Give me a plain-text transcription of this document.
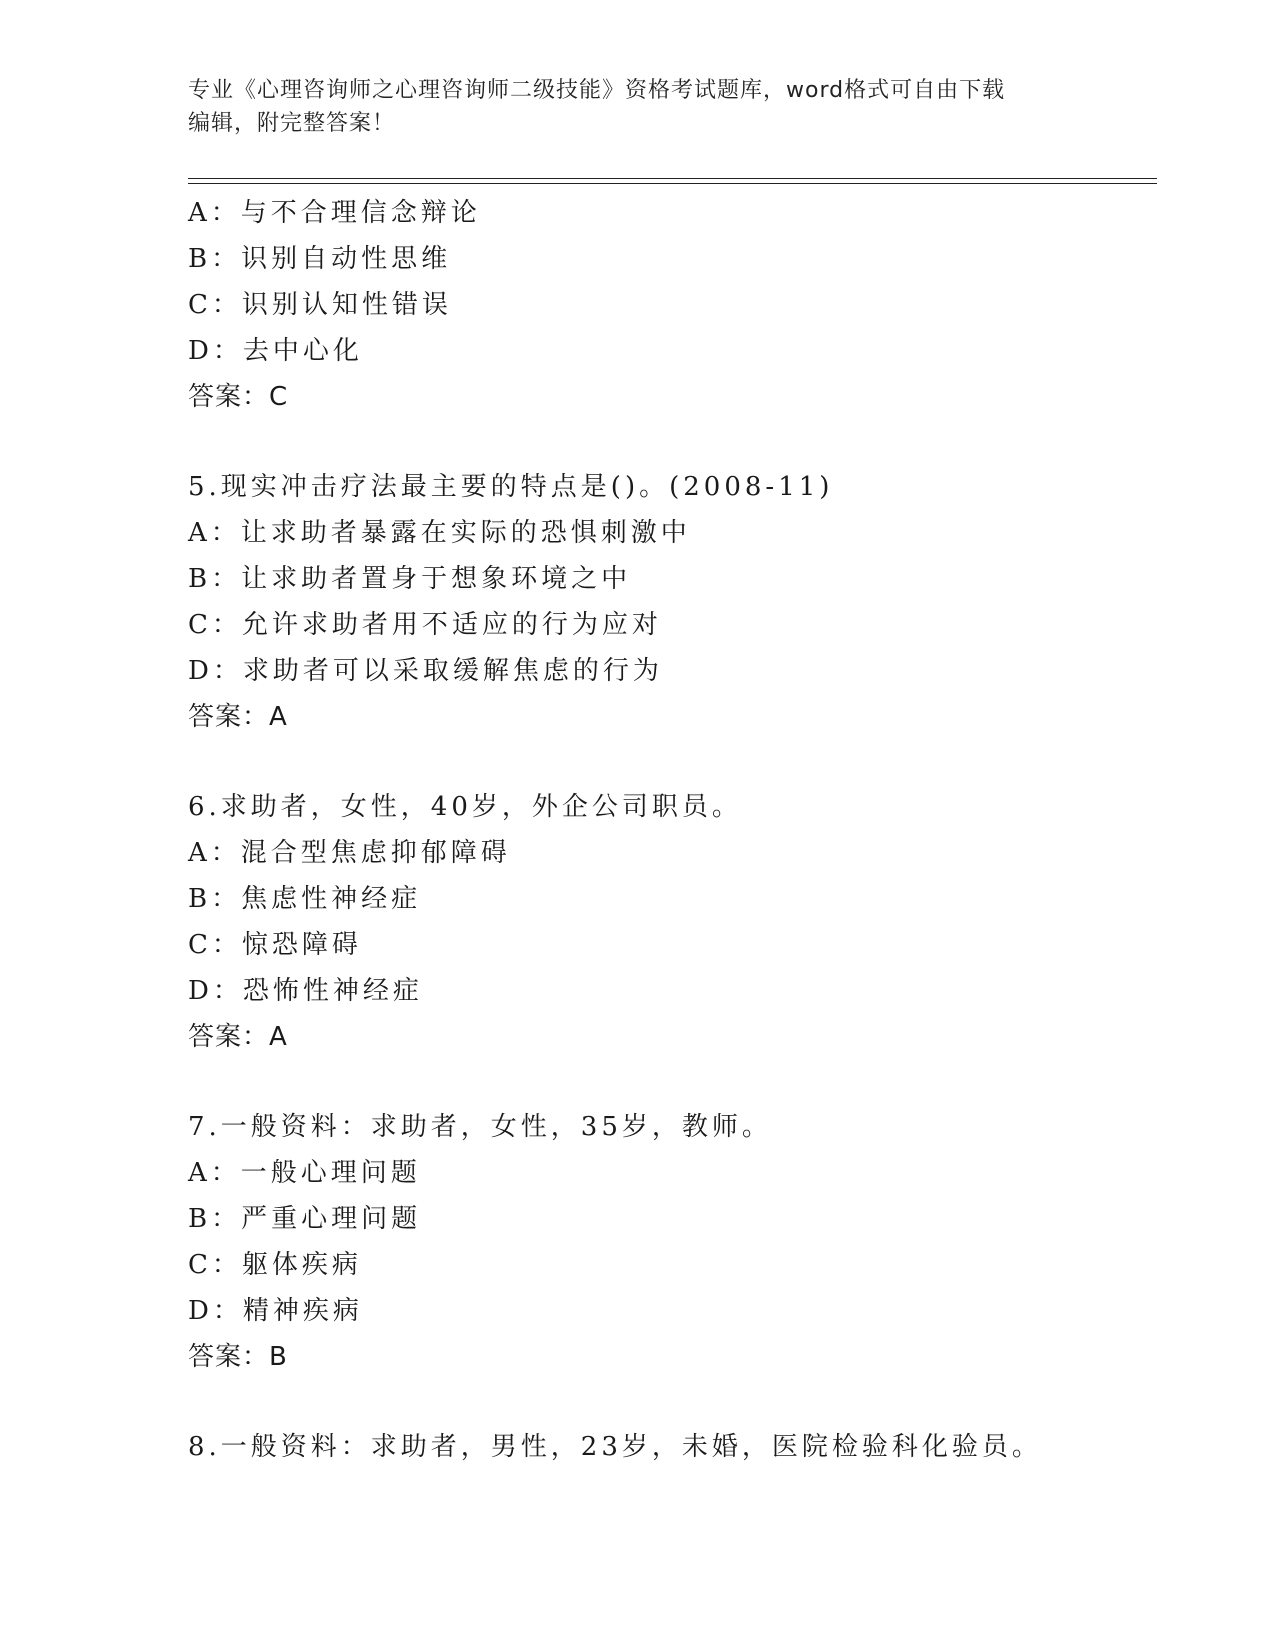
专业《心理咨询师之心理咨询师二级技能》资格考试题库，word格式可自由下载
编辑，附完整答案！
A：与不合理信念辩论
B：识别自动性思维
C：识别认知性错误
D：去中心化
答案：C
5.现实冲击疗法最主要的特点是()。(2008-11)
A：让求助者暴露在实际的恐惧刺激中
B：让求助者置身于想象环境之中
C：允许求助者用不适应的行为应对
D：求助者可以采取缓解焦虑的行为
答案：A
6.求助者，女性，40岁，外企公司职员。
A：混合型焦虑抑郁障碍
B：焦虑性神经症
C：惊恐障碍
D：恐怖性神经症
答案：A
7.一般资料：求助者，女性，35岁，教师。
A：一般心理问题
B：严重心理问题
C：躯体疾病
D：精神疾病
答案：B
8.一般资料：求助者，男性，23岁，未婚，医院检验科化验员。
